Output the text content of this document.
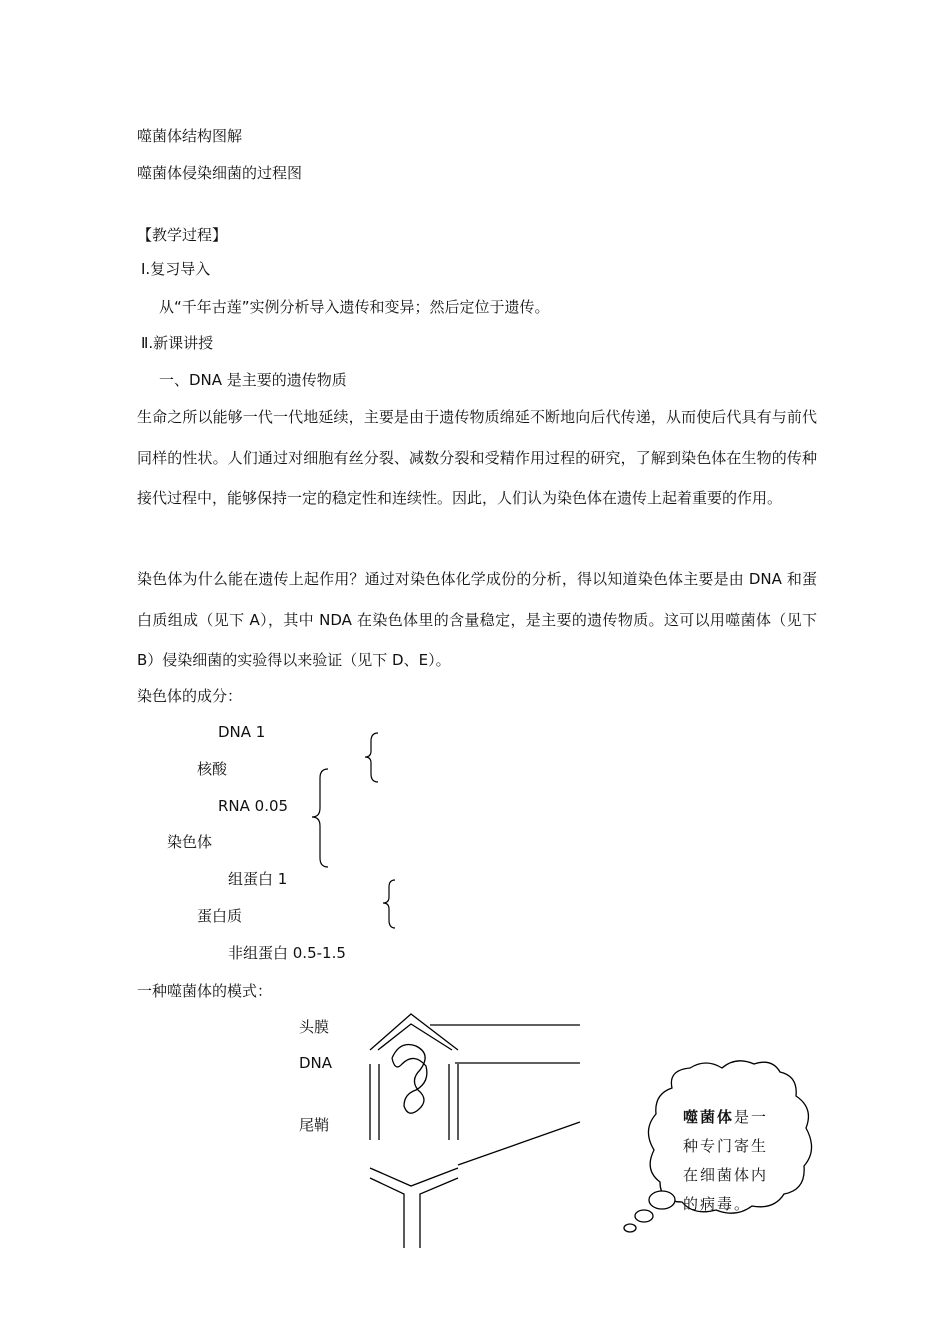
噬菌体结构图解
噬菌体侵染细菌的过程图
【教学过程】
Ⅰ.复习导入
从“千年古莲”实例分析导入遗传和变异；然后定位于遗传。
Ⅱ.新课讲授
一、DNA 是主要的遗传物质
生命之所以能够一代一代地延续，主要是由于遗传物质绵延不断地向后代传递，从而使后代具有与前代同样的性状。人们通过对细胞有丝分裂、减数分裂和受精作用过程的研究，了解到染色体在生物的传种接代过程中，能够保持一定的稳定性和连续性。因此，人们认为染色体在遗传上起着重要的作用。
染色体为什么能在遗传上起作用？通过对染色体化学成份的分析，得以知道染色体主要是由 DNA 和蛋白质组成（见下 A），其中 NDA 在染色体里的含量稳定，是主要的遗传物质。这可以用噬菌体（见下 B）侵染细菌的实验得以来验证（见下 D、E）。
染色体的成分：
DNA 1
核酸
RNA 0.05
染色体
组蛋白 1
蛋白质
非组蛋白 0.5-1.5
一种噬菌体的模式：
头膜
DNA
尾鞘	噬菌体是一种专门寄生在细菌体内的病毒。
